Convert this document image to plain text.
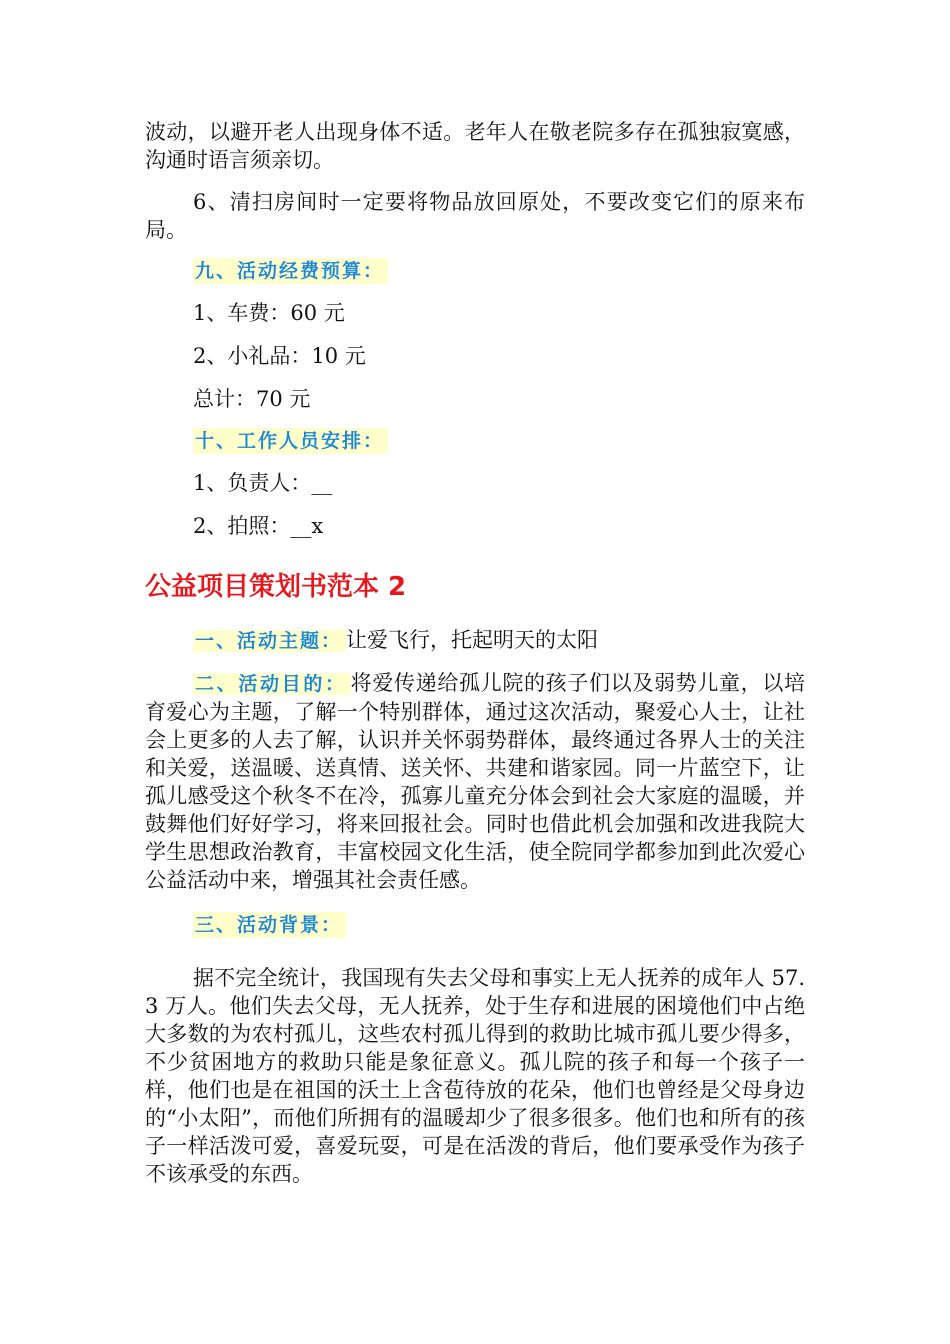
波动，以避开老人出现身体不适。老年人在敬老院多存在孤独寂寞感，沟通时语言须亲切。

6、清扫房间时一定要将物品放回原处，不要改变它们的原来布局。

九、活动经费预算：
1、车费：60 元
2、小礼品：10 元
总计：70 元
十、工作人员安排：
1、负责人：__
2、拍照：__x
公益项目策划书范本 2

一、活动主题： 让爱飞行，托起明天的太阳

二、活动目的： 将爱传递给孤儿院的孩子们以及弱势儿童，以培育爱心为主题，了解一个特别群体，通过这次活动，聚爱心人士，让社会上更多的人去了解，认识并关怀弱势群体，最终通过各界人士的关注和关爱，送温暖、送真情、送关怀、共建和谐家园。同一片蓝空下，让孤儿感受这个秋冬不在冷，孤寡儿童充分体会到社会大家庭的温暖，并鼓舞他们好好学习，将来回报社会。同时也借此机会加强和改进我院大学生思想政治教育，丰富校园文化生活，使全院同学都参加到此次爱心公益活动中来，增强其社会责任感。

三、活动背景：

据不完全统计，我国现有失去父母和事实上无人抚养的成年人 57.3 万人。他们失去父母，无人抚养，处于生存和进展的困境他们中占绝大多数的为农村孤儿，这些农村孤儿得到的救助比城市孤儿要少得多，不少贫困地方的救助只能是象征意义。孤儿院的孩子和每一个孩子一样，他们也是在祖国的沃土上含苞待放的花朵，他们也曾经是父母身边的“小太阳”，而他们所拥有的温暖却少了很多很多。他们也和所有的孩子一样活泼可爱，喜爱玩耍，可是在活泼的背后，他们要承受作为孩子不该承受的东西。
